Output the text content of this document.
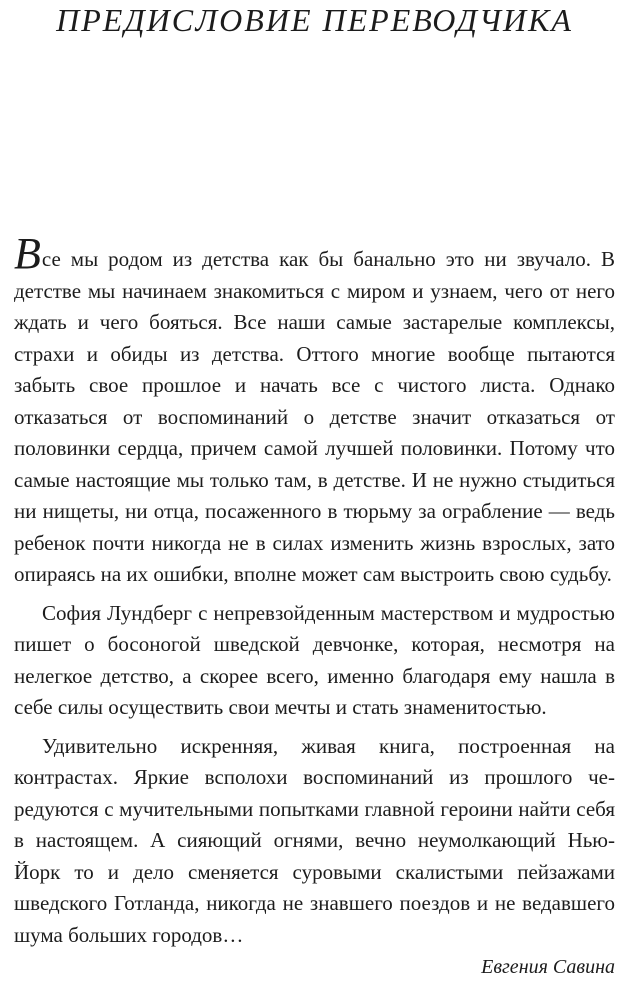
ПРЕДИСЛОВИЕ ПЕРЕВОДЧИКА

Все мы родом из детства как бы банально это ни звучало. В детстве мы начинаем знакомиться с миром и узнаем, чего от него ждать и чего бояться. Все наши самые застарелые комплексы, страхи и обиды из детства. Оттого многие вообще пытаются забыть свое прошлое и начать все с чистого листа. Однако отказаться от воспоминаний о детстве значит отказаться от половинки сердца, причем самой лучшей половинки. Потому что самые настоящие мы только там, в детстве. И не нужно стыдиться ни нищеты, ни отца, посаженного в тюрьму за ограбление — ведь ребенок почти никогда не в силах изменить жизнь взрослых, зато опираясь на их ошибки, вполне может сам выстроить свою судьбу.

София Лундберг с непревзойденным мастерством и мудростью пишет о босоногой шведской девчонке, которая, несмотря на нелегкое детство, а скорее всего, именно благодаря ему нашла в себе силы осуществить свои мечты и стать знаменитостью.

Удивительно искренняя, живая книга, построенная на контрастах. Яркие всполохи воспоминаний из прошлого чередуются с мучительными попытками главной героини найти себя в настоящем. А сияющий огнями, вечно неумолкающий Нью-Йорк то и дело сменяется суровыми скалистыми пейзажами шведского Готланда, никогда не знавшего поездов и не ведавшего шума больших городов…

Евгения Савина
